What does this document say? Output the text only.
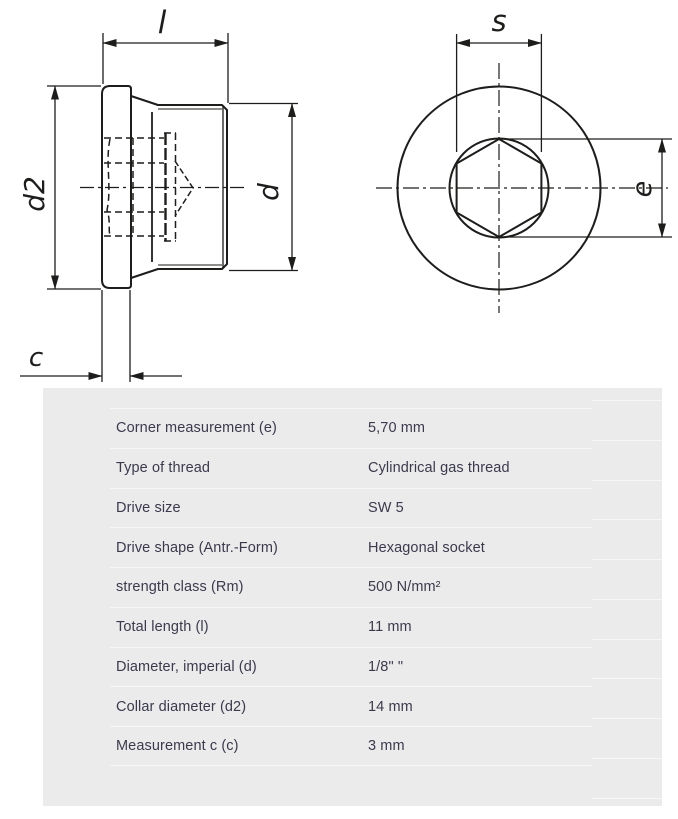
l
d2	d
c
s
e
Corner measurement (e)	5,70 mm
Type of thread	Cylindrical gas thread
Drive size	SW 5
Drive shape (Antr.-Form)	Hexagonal socket
strength class (Rm)	500 N/mm²
Total length (l)	11 mm
Diameter, imperial (d)	1/8" "
Collar diameter (d2)	14 mm
Measurement c (c)	3 mm
